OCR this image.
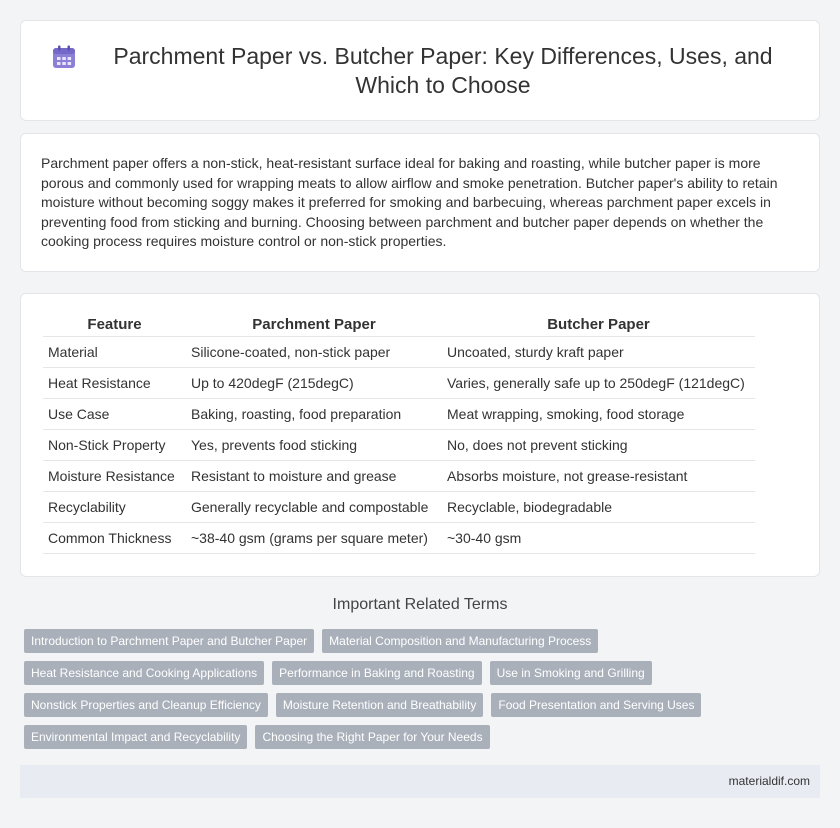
Parchment Paper vs. Butcher Paper: Key Differences, Uses, and Which to Choose

Parchment paper offers a non-stick, heat-resistant surface ideal for baking and roasting, while butcher paper is more porous and commonly used for wrapping meats to allow airflow and smoke penetration. Butcher paper's ability to retain moisture without becoming soggy makes it preferred for smoking and barbecuing, whereas parchment paper excels in preventing food from sticking and burning. Choosing between parchment and butcher paper depends on whether the cooking process requires moisture control or non-stick properties.

Feature	Parchment Paper	Butcher Paper
Material	Silicone-coated, non-stick paper	Uncoated, sturdy kraft paper
Heat Resistance	Up to 420degF (215degC)	Varies, generally safe up to 250degF (121degC)
Use Case	Baking, roasting, food preparation	Meat wrapping, smoking, food storage
Non-Stick Property	Yes, prevents food sticking	No, does not prevent sticking
Moisture Resistance	Resistant to moisture and grease	Absorbs moisture, not grease-resistant
Recyclability	Generally recyclable and compostable	Recyclable, biodegradable
Common Thickness	~38-40 gsm (grams per square meter)	~30-40 gsm
Important Related Terms
Introduction to Parchment Paper and Butcher Paper	Material Composition and Manufacturing Process
Heat Resistance and Cooking Applications	Performance in Baking and Roasting	Use in Smoking and Grilling
Nonstick Properties and Cleanup Efficiency	Moisture Retention and Breathability	Food Presentation and Serving Uses
Environmental Impact and Recyclability	Choosing the Right Paper for Your Needs
materialdif.com
